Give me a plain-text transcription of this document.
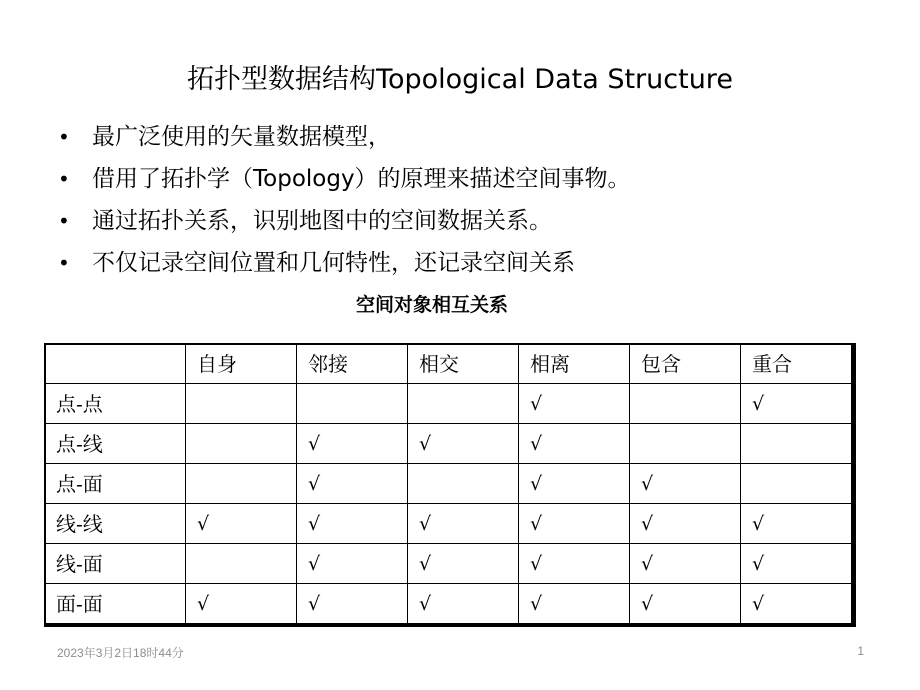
拓扑型数据结构Topological Data Structure
• 最广泛使用的矢量数据模型，
• 借用了拓扑学（Topology）的原理来描述空间事物。
• 通过拓扑关系，识别地图中的空间数据关系。
• 不仅记录空间位置和几何特性，还记录空间关系
空间对象相互关系
	自身	邻接	相交	相离	包含	重合
点-点				√		√
点-线		√	√	√		
点-面		√		√	√	
线-线	√	√	√	√	√	√
线-面		√	√	√	√	√
面-面	√	√	√	√	√	√
2023年3月2日18时44分	1
